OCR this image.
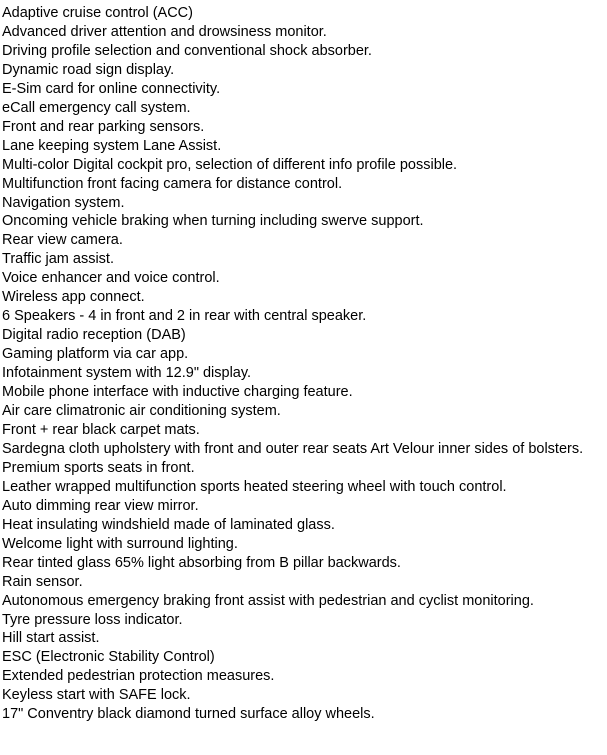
Adaptive cruise control (ACC)
Advanced driver attention and drowsiness monitor.
Driving profile selection and conventional shock absorber.
Dynamic road sign display.
E-Sim card for online connectivity.
eCall emergency call system.
Front and rear parking sensors.
Lane keeping system Lane Assist.
Multi-color Digital cockpit pro, selection of different info profile possible.
Multifunction front facing camera for distance control.
Navigation system.
Oncoming vehicle braking when turning including swerve support.
Rear view camera.
Traffic jam assist.
Voice enhancer and voice control.
Wireless app connect.
6 Speakers - 4 in front and 2 in rear with central speaker.
Digital radio reception (DAB)
Gaming platform via car app.
Infotainment system with 12.9" display.
Mobile phone interface with inductive charging feature.
Air care climatronic air conditioning system.
Front + rear black carpet mats.
Sardegna cloth upholstery with front and outer rear seats Art Velour inner sides of bolsters.
Premium sports seats in front.
Leather wrapped multifunction sports heated steering wheel with touch control.
Auto dimming rear view mirror.
Heat insulating windshield made of laminated glass.
Welcome light with surround lighting.
Rear tinted glass 65% light absorbing from B pillar backwards.
Rain sensor.
Autonomous emergency braking front assist with pedestrian and cyclist monitoring.
Tyre pressure loss indicator.
Hill start assist.
ESC (Electronic Stability Control)
Extended pedestrian protection measures.
Keyless start with SAFE lock.
17" Conventry black diamond turned surface alloy wheels.
